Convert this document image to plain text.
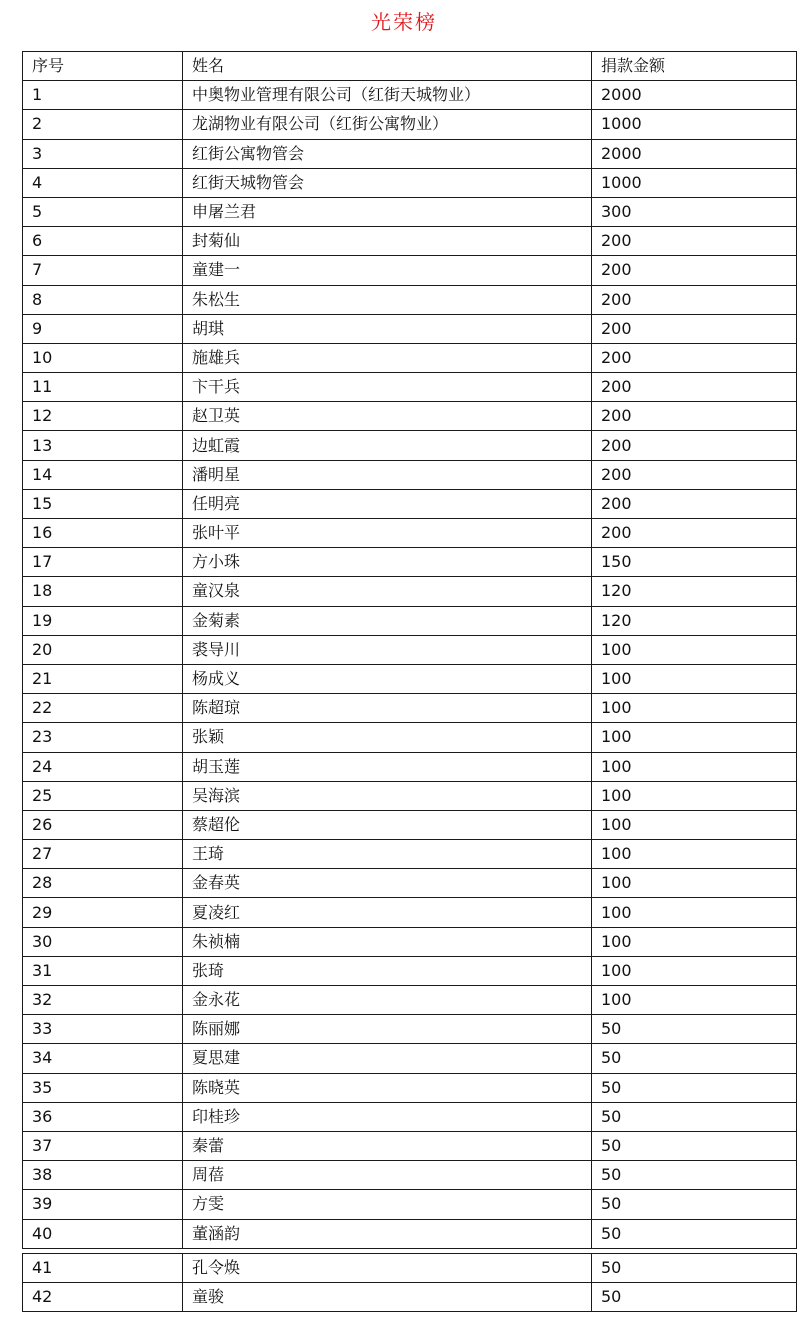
光荣榜
序号	姓名	捐款金额
1	中奥物业管理有限公司（红街天城物业）	2000
2	龙湖物业有限公司（红街公寓物业）	1000
3	红街公寓物管会	2000
4	红街天城物管会	1000
5	申屠兰君	300
6	封菊仙	200
7	童建一	200
8	朱松生	200
9	胡琪	200
10	施雄兵	200
11	卞干兵	200
12	赵卫英	200
13	边虹霞	200
14	潘明星	200
15	任明亮	200
16	张叶平	200
17	方小珠	150
18	童汉泉	120
19	金菊素	120
20	裘导川	100
21	杨成义	100
22	陈超琼	100
23	张颖	100
24	胡玉莲	100
25	吴海滨	100
26	蔡超伦	100
27	王琦	100
28	金春英	100
29	夏凌红	100
30	朱祯楠	100
31	张琦	100
32	金永花	100
33	陈丽娜	50
34	夏思建	50
35	陈晓英	50
36	印桂珍	50
37	秦蕾	50
38	周蓓	50
39	方雯	50
40	董涵韵	50
41	孔令焕	50
42	童骏	50
